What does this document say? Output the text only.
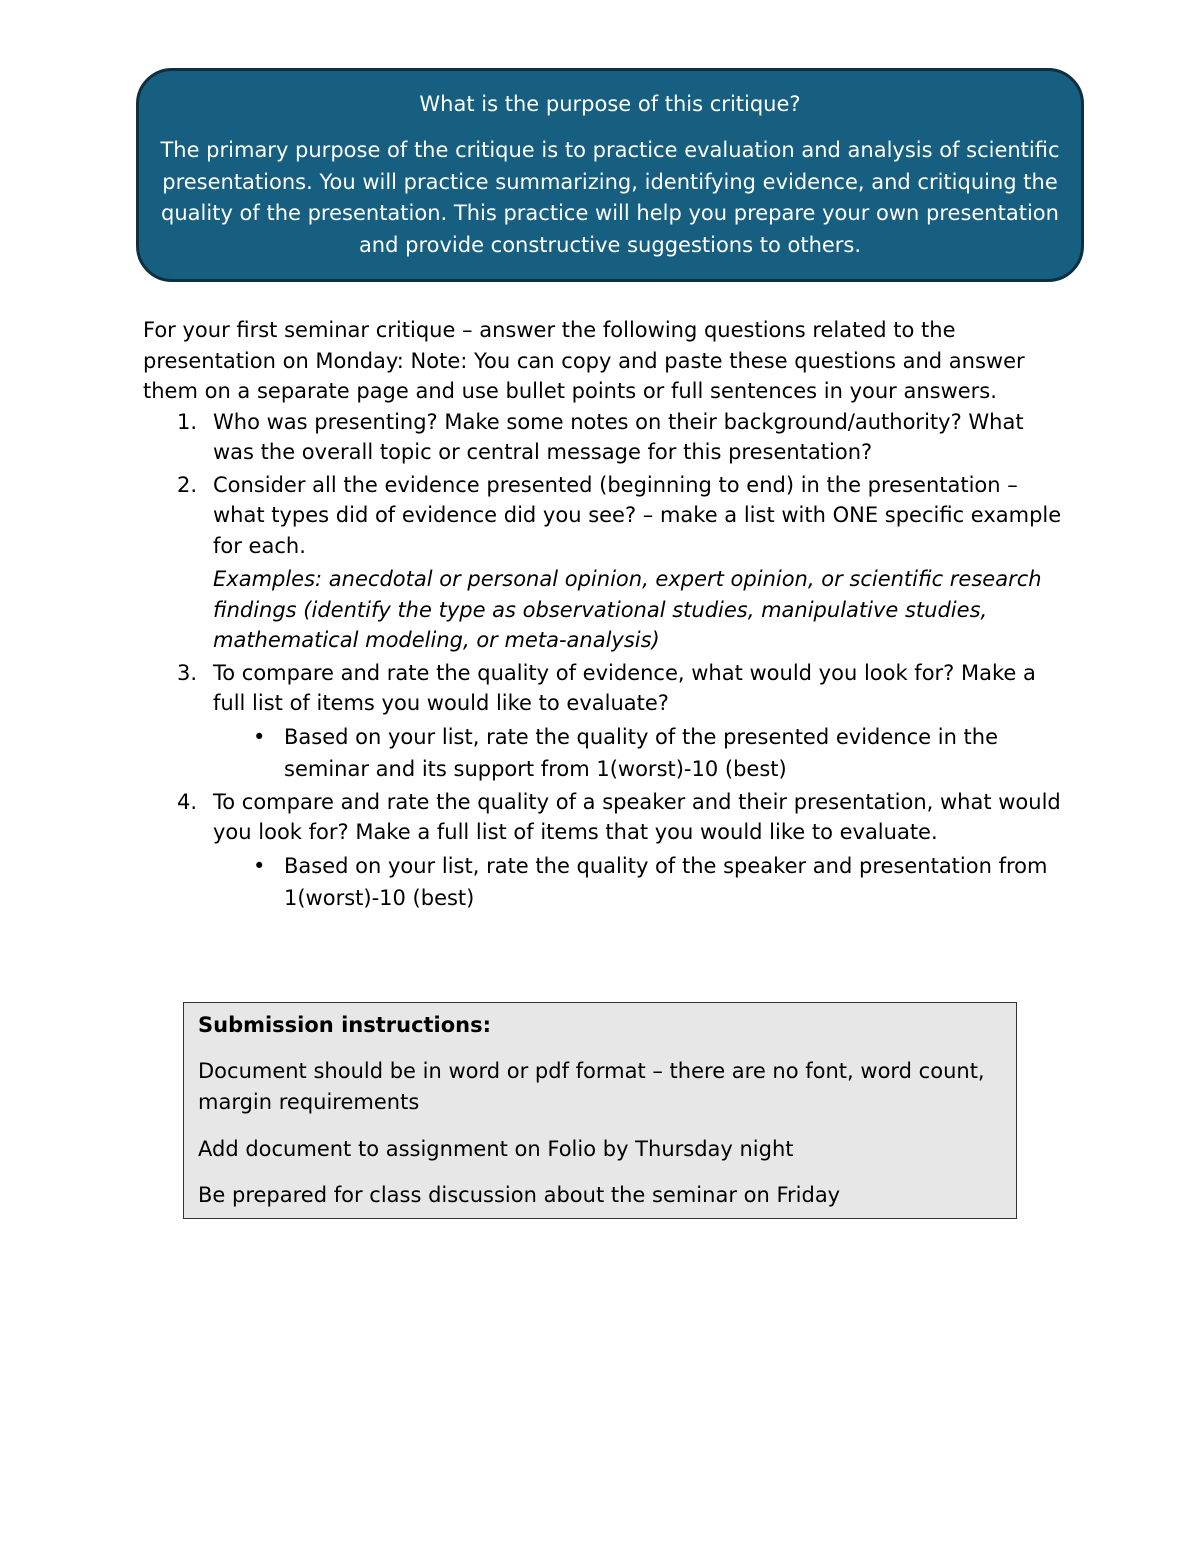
What is the purpose of this critique?

The primary purpose of the critique is to practice evaluation and analysis of scientific presentations. You will practice summarizing, identifying evidence, and critiquing the quality of the presentation. This practice will help you prepare your own presentation and provide constructive suggestions to others.

For your first seminar critique – answer the following questions related to the presentation on Monday: Note: You can copy and paste these questions and answer them on a separate page and use bullet points or full sentences in your answers.

1. Who was presenting? Make some notes on their background/authority? What was the overall topic or central message for this presentation?

2. Consider all the evidence presented (beginning to end) in the presentation – what types did of evidence did you see? – make a list with ONE specific example for each.

Examples: anecdotal or personal opinion, expert opinion, or scientific research findings (identify the type as observational studies, manipulative studies, mathematical modeling, or meta-analysis)

3. To compare and rate the quality of evidence, what would you look for? Make a full list of items you would like to evaluate?

• Based on your list, rate the quality of the presented evidence in the seminar and its support from 1(worst)-10 (best)
4. To compare and rate the quality of a speaker and their presentation, what would you look for? Make a full list of items that you would like to evaluate.

• Based on your list, rate the quality of the speaker and presentation from 1(worst)-10 (best)

Submission instructions:

Document should be in word or pdf format – there are no font, word count, margin requirements

Add document to assignment on Folio by Thursday night

Be prepared for class discussion about the seminar on Friday
